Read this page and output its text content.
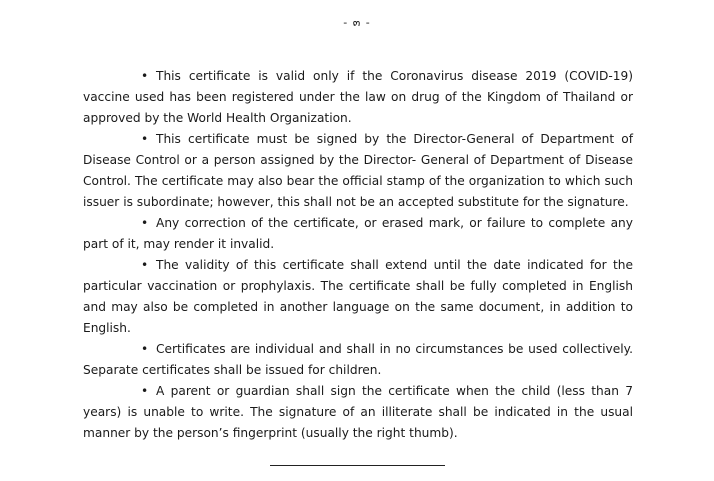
- ๓ -

• This certificate is valid only if the Coronavirus disease 2019 (COVID-19) vaccine used has been registered under the law on drug of the Kingdom of Thailand or approved by the World Health Organization.

• This certificate must be signed by the Director-General of Department of Disease Control or a person assigned by the Director- General of Department of Disease Control. The certificate may also bear the official stamp of the organization to which such issuer is subordinate; however, this shall not be an accepted substitute for the signature.

• Any correction of the certificate, or erased mark, or failure to complete any part of it, may render it invalid.

• The validity of this certificate shall extend until the date indicated for the particular vaccination or prophylaxis. The certificate shall be fully completed in English and may also be completed in another language on the same document, in addition to English.

• Certificates are individual and shall in no circumstances be used collectively. Separate certificates shall be issued for children.

• A parent or guardian shall sign the certificate when the child (less than 7 years) is unable to write. The signature of an illiterate shall be indicated in the usual manner by the person’s fingerprint (usually the right thumb).
